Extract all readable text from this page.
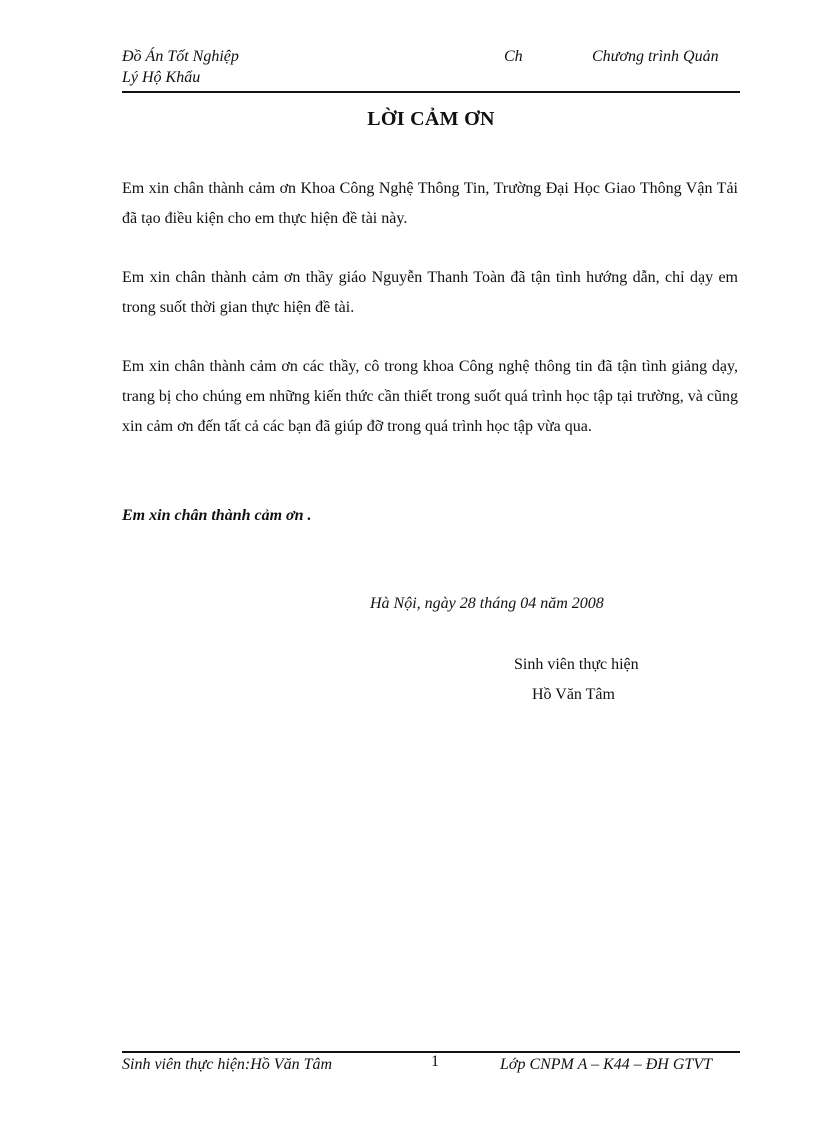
Đồ Án Tốt Nghiệp	Ch	Chương trình Quản
Lý Hộ Khẩu
LỜI CẢM ƠN
Em xin chân thành cảm ơn Khoa Công Nghệ Thông Tin, Trường Đại Học Giao Thông Vận Tải đã tạo điều kiện cho em thực hiện đề tài này.
Em xin chân thành cảm ơn thầy giáo Nguyễn Thanh Toàn đã tận tình hướng dẫn, chỉ dạy em trong suốt thời gian thực hiện đề tài.
Em xin chân thành cảm ơn các thầy, cô trong khoa Công nghệ thông tin đã tận tình giảng dạy, trang bị cho chúng em những kiến thức cần thiết trong suốt quá trình học tập tại trường, và cũng xin cảm ơn đến tất cả các bạn đã giúp đỡ trong quá trình học tập vừa qua.
Em xin chân thành cảm ơn .
Hà Nội, ngày 28 tháng 04 năm 2008
Sinh viên thực hiện
Hồ Văn Tâm
Sinh viên thực hiện:Hồ Văn Tâm	1	Lớp CNPM A – K44 – ĐH GTVT
